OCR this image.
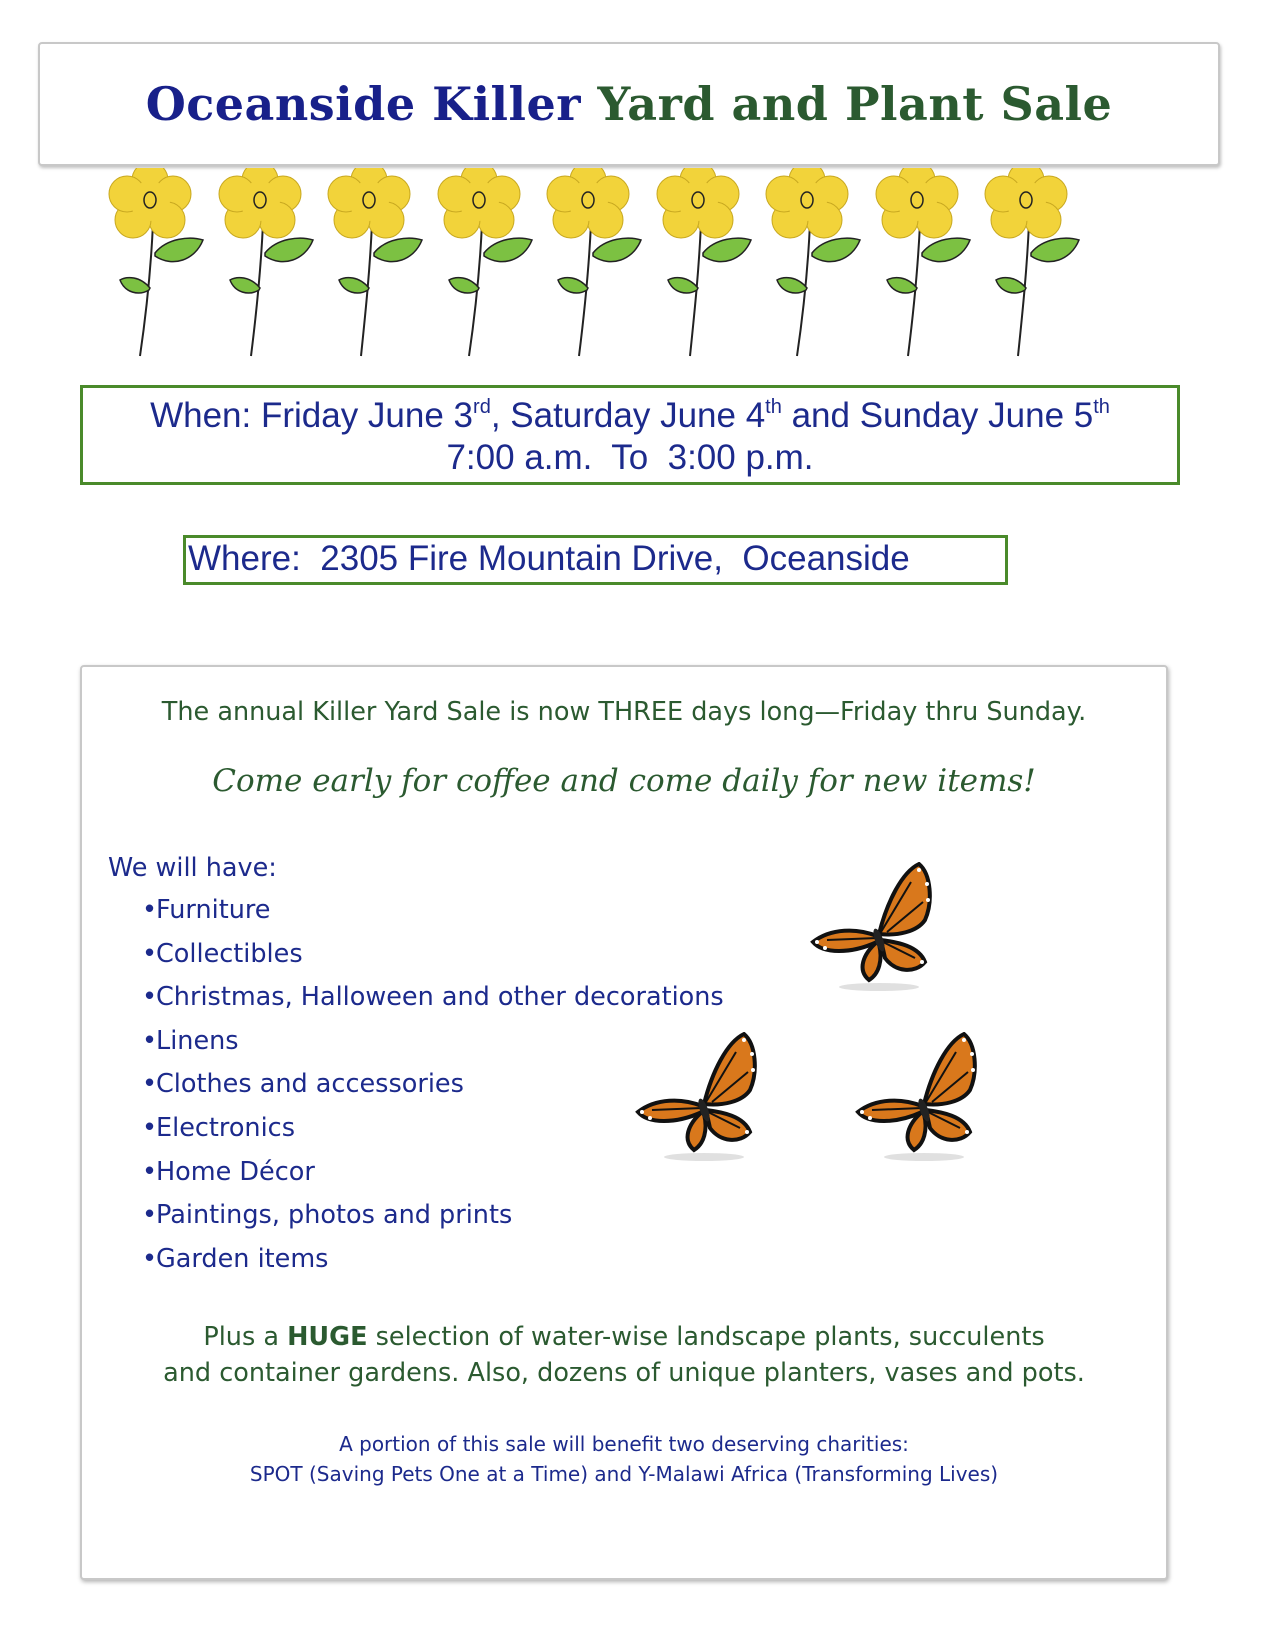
Oceanside Killer Yard and Plant Sale
When: Friday June 3rd, Saturday June 4th and Sunday June 5th
7:00 a.m.  To  3:00 p.m.
Where: 2305 Fire Mountain Drive,  Oceanside
The annual Killer Yard Sale is now THREE days long—Friday thru Sunday.
Come early for coffee and come daily for new items!
We will have:
•Furniture
•Collectibles
•Christmas, Halloween and other decorations
•Linens
•Clothes and accessories
•Electronics
•Home Décor
•Paintings, photos and prints
•Garden items
Plus a HUGE selection of water-wise landscape plants, succulents
and container gardens. Also, dozens of unique planters, vases and pots.
A portion of this sale will benefit two deserving charities:
SPOT (Saving Pets One at a Time) and Y-Malawi Africa (Transforming Lives)
